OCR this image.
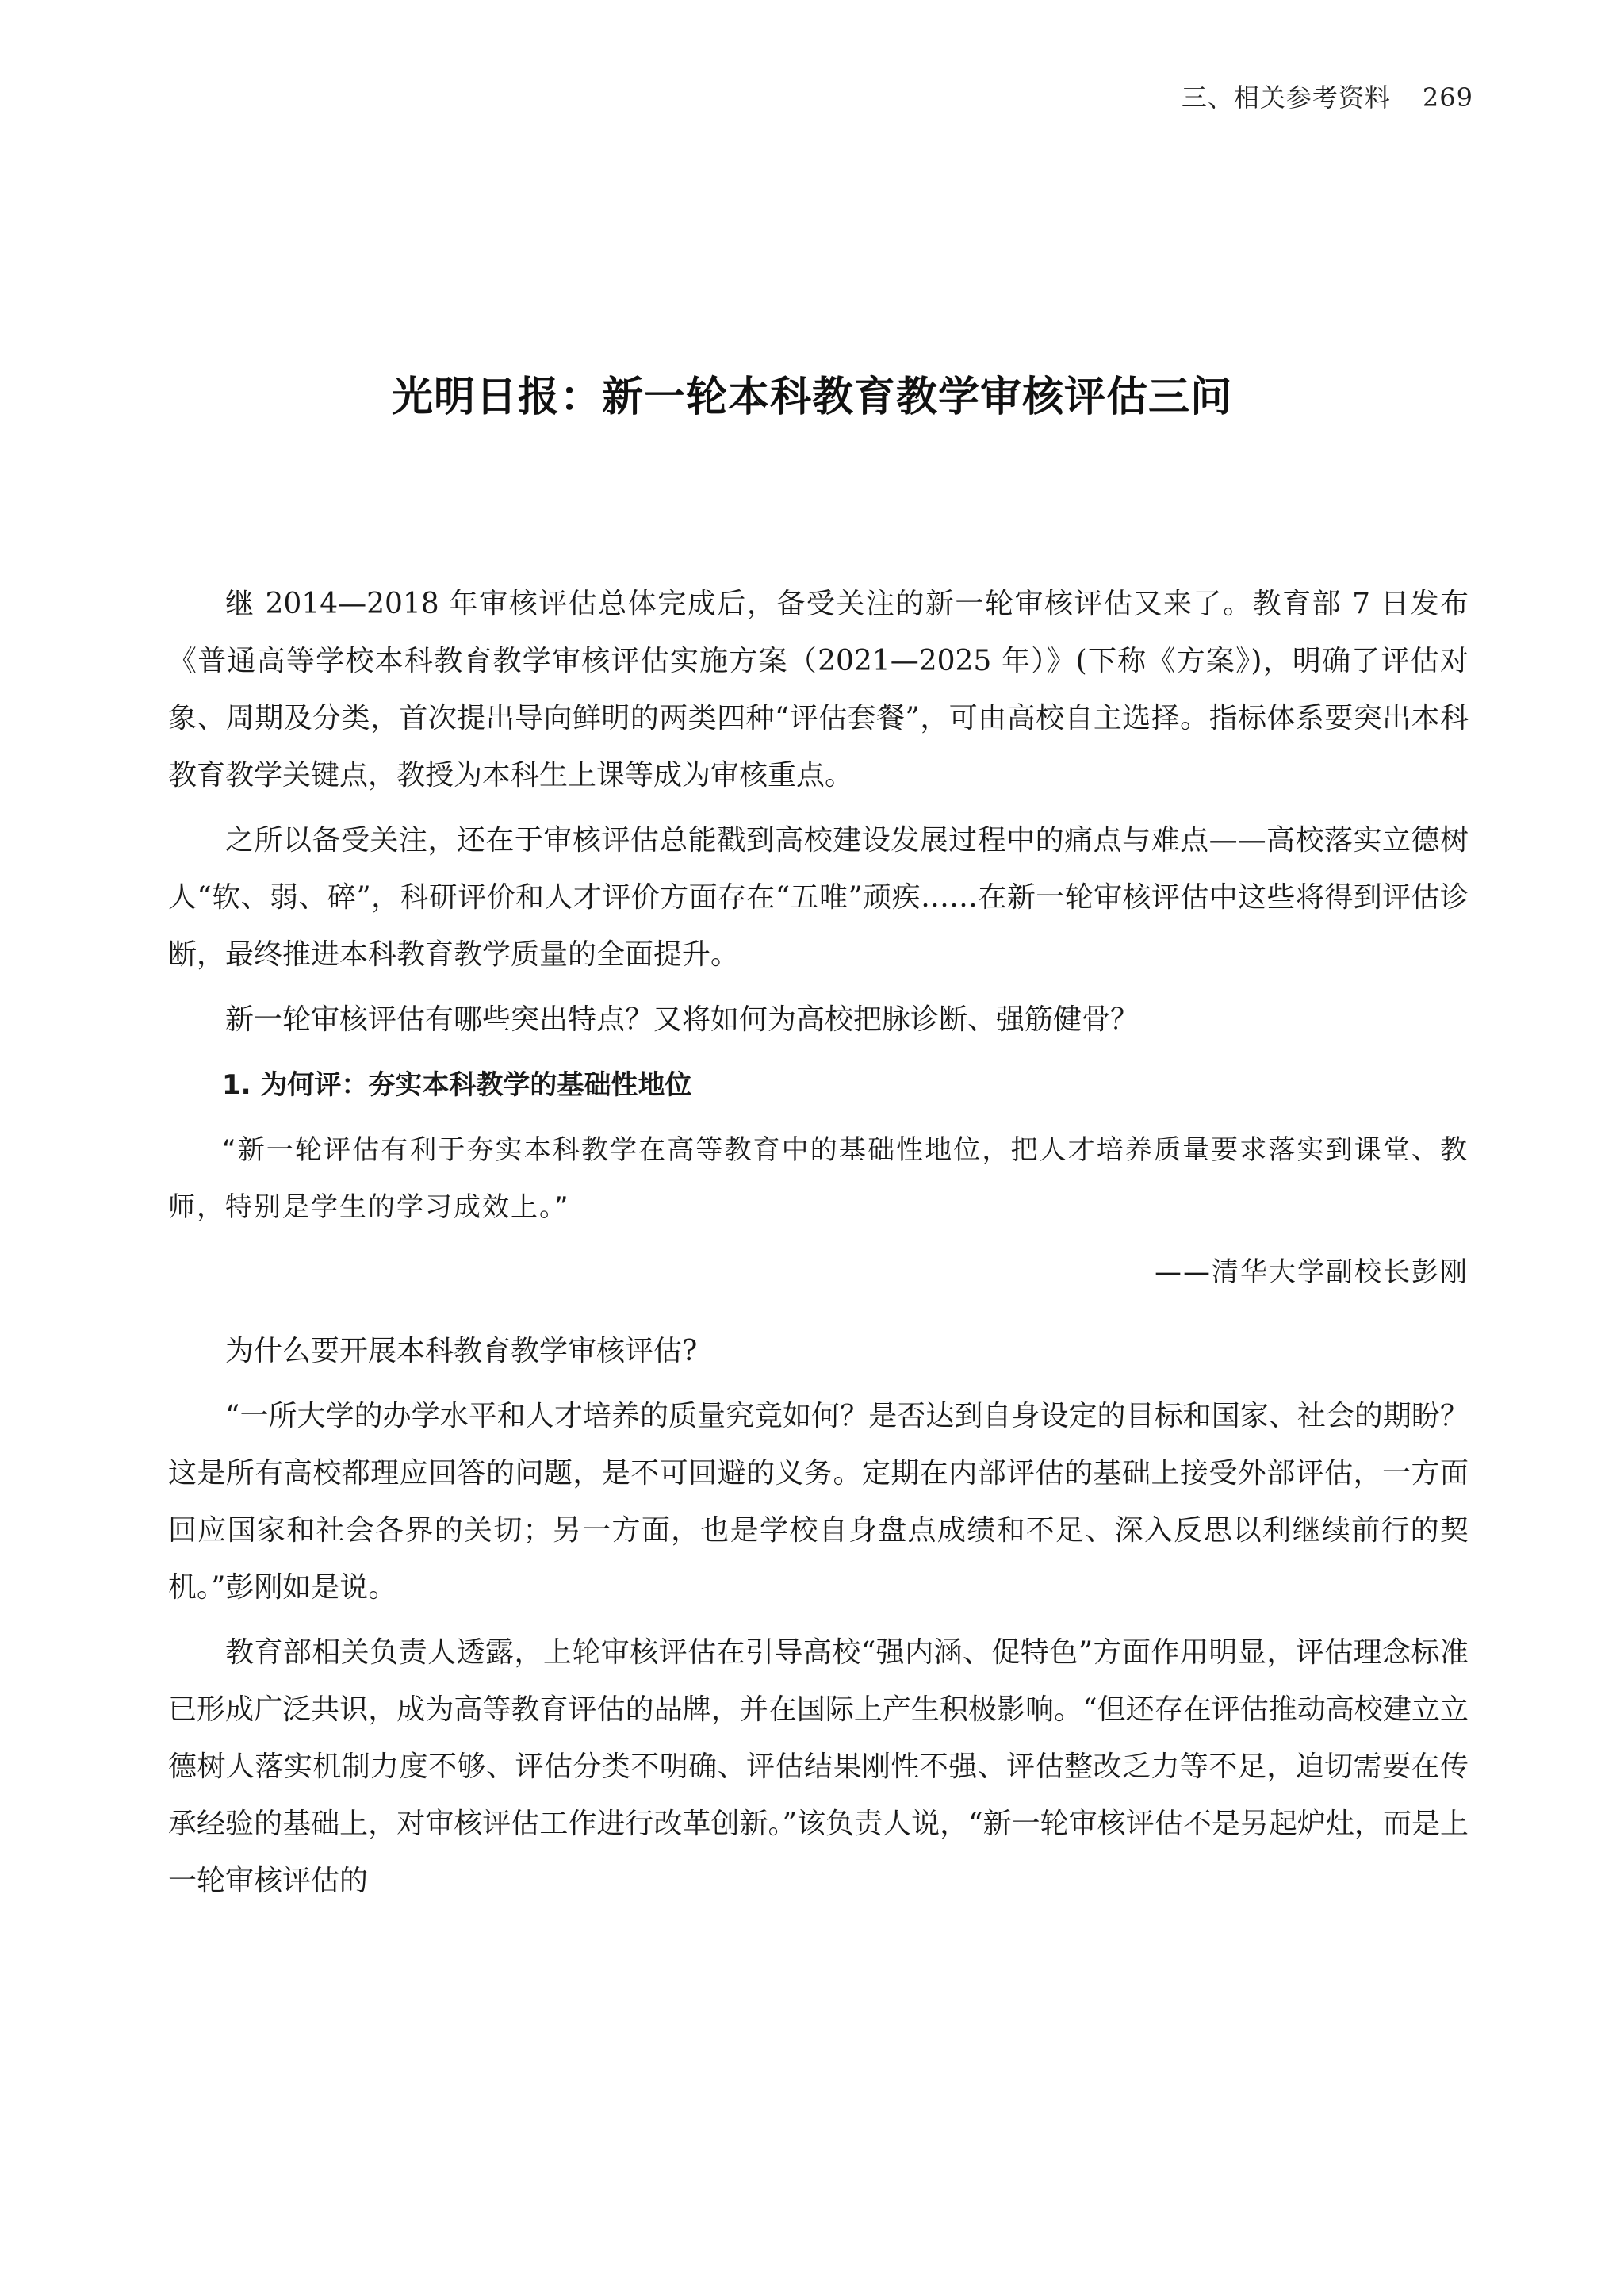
三、相关参考资料 269
光明日报：新一轮本科教育教学审核评估三问

继 2014—2018 年审核评估总体完成后，备受关注的新一轮审核评估又来了。教育部 7 日发布《普通高等学校本科教育教学审核评估实施方案（2021—2025 年）》(下称《方案》)，明确了评估对象、周期及分类，首次提出导向鲜明的两类四种“评估套餐”，可由高校自主选择。指标体系要突出本科教育教学关键点，教授为本科生上课等成为审核重点。

之所以备受关注，还在于审核评估总能戳到高校建设发展过程中的痛点与难点——高校落实立德树人“软、弱、碎”，科研评价和人才评价方面存在“五唯”顽疾……在新一轮审核评估中这些将得到评估诊断，最终推进本科教育教学质量的全面提升。

新一轮审核评估有哪些突出特点？又将如何为高校把脉诊断、强筋健骨？

1. 为何评：夯实本科教学的基础性地位

“新一轮评估有利于夯实本科教学在高等教育中的基础性地位，把人才培养质量要求落实到课堂、教师，特别是学生的学习成效上。”

——清华大学副校长彭刚

为什么要开展本科教育教学审核评估?

“一所大学的办学水平和人才培养的质量究竟如何？是否达到自身设定的目标和国家、社会的期盼？这是所有高校都理应回答的问题，是不可回避的义务。定期在内部评估的基础上接受外部评估，一方面回应国家和社会各界的关切；另一方面，也是学校自身盘点成绩和不足、深入反思以利继续前行的契机。”彭刚如是说。

教育部相关负责人透露，上轮审核评估在引导高校“强内涵、促特色”方面作用明显，评估理念标准已形成广泛共识，成为高等教育评估的品牌，并在国际上产生积极影响。“但还存在评估推动高校建立立德树人落实机制力度不够、评估分类不明确、评估结果刚性不强、评估整改乏力等不足，迫切需要在传承经验的基础上，对审核评估工作进行改革创新。”该负责人说，“新一轮审核评估不是另起炉灶，而是上一轮审核评估的
